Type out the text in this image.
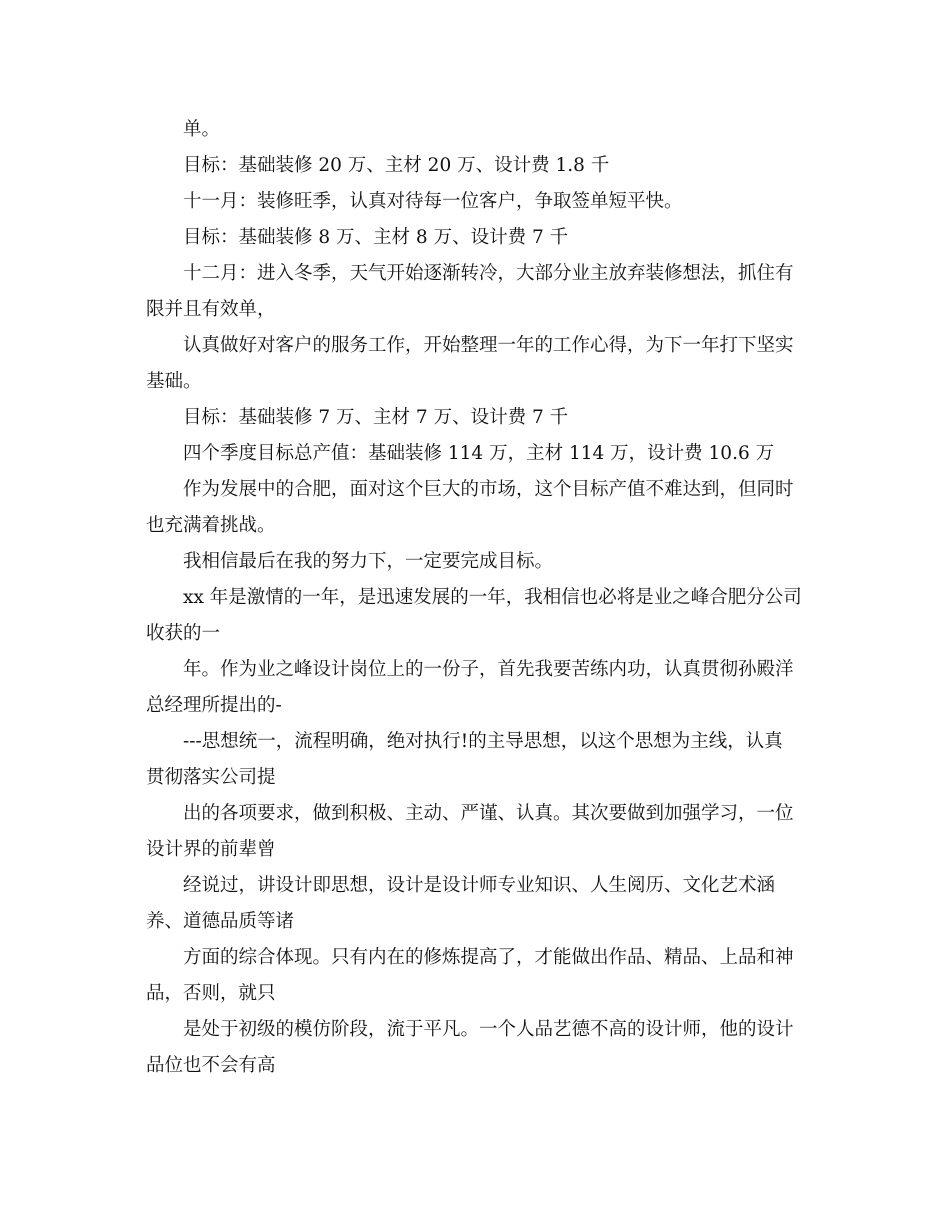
单。
目标：基础装修 20 万、主材 20 万、设计费 1.8 千
十一月：装修旺季，认真对待每一位客户，争取签单短平快。
目标：基础装修 8 万、主材 8 万、设计费 7 千
十二月：进入冬季，天气开始逐渐转冷，大部分业主放弃装修想法，抓住有
限并且有效单，
认真做好对客户的服务工作，开始整理一年的工作心得，为下一年打下坚实
基础。
目标：基础装修 7 万、主材 7 万、设计费 7 千
四个季度目标总产值：基础装修 114 万，主材 114 万，设计费 10.6 万
作为发展中的合肥，面对这个巨大的市场，这个目标产值不难达到，但同时
也充满着挑战。
我相信最后在我的努力下，一定要完成目标。
xx 年是激情的一年，是迅速发展的一年，我相信也必将是业之峰合肥分公司
收获的一
年。作为业之峰设计岗位上的一份子，首先我要苦练内功，认真贯彻孙殿洋
总经理所提出的-
---思想统一，流程明确，绝对执行!的主导思想，以这个思想为主线，认真
贯彻落实公司提
出的各项要求，做到积极、主动、严谨、认真。其次要做到加强学习，一位
设计界的前辈曾
经说过，讲设计即思想，设计是设计师专业知识、人生阅历、文化艺术涵
养、道德品质等诸
方面的综合体现。只有内在的修炼提高了，才能做出作品、精品、上品和神
品，否则，就只
是处于初级的模仿阶段，流于平凡。一个人品艺德不高的设计师，他的设计
品位也不会有高
